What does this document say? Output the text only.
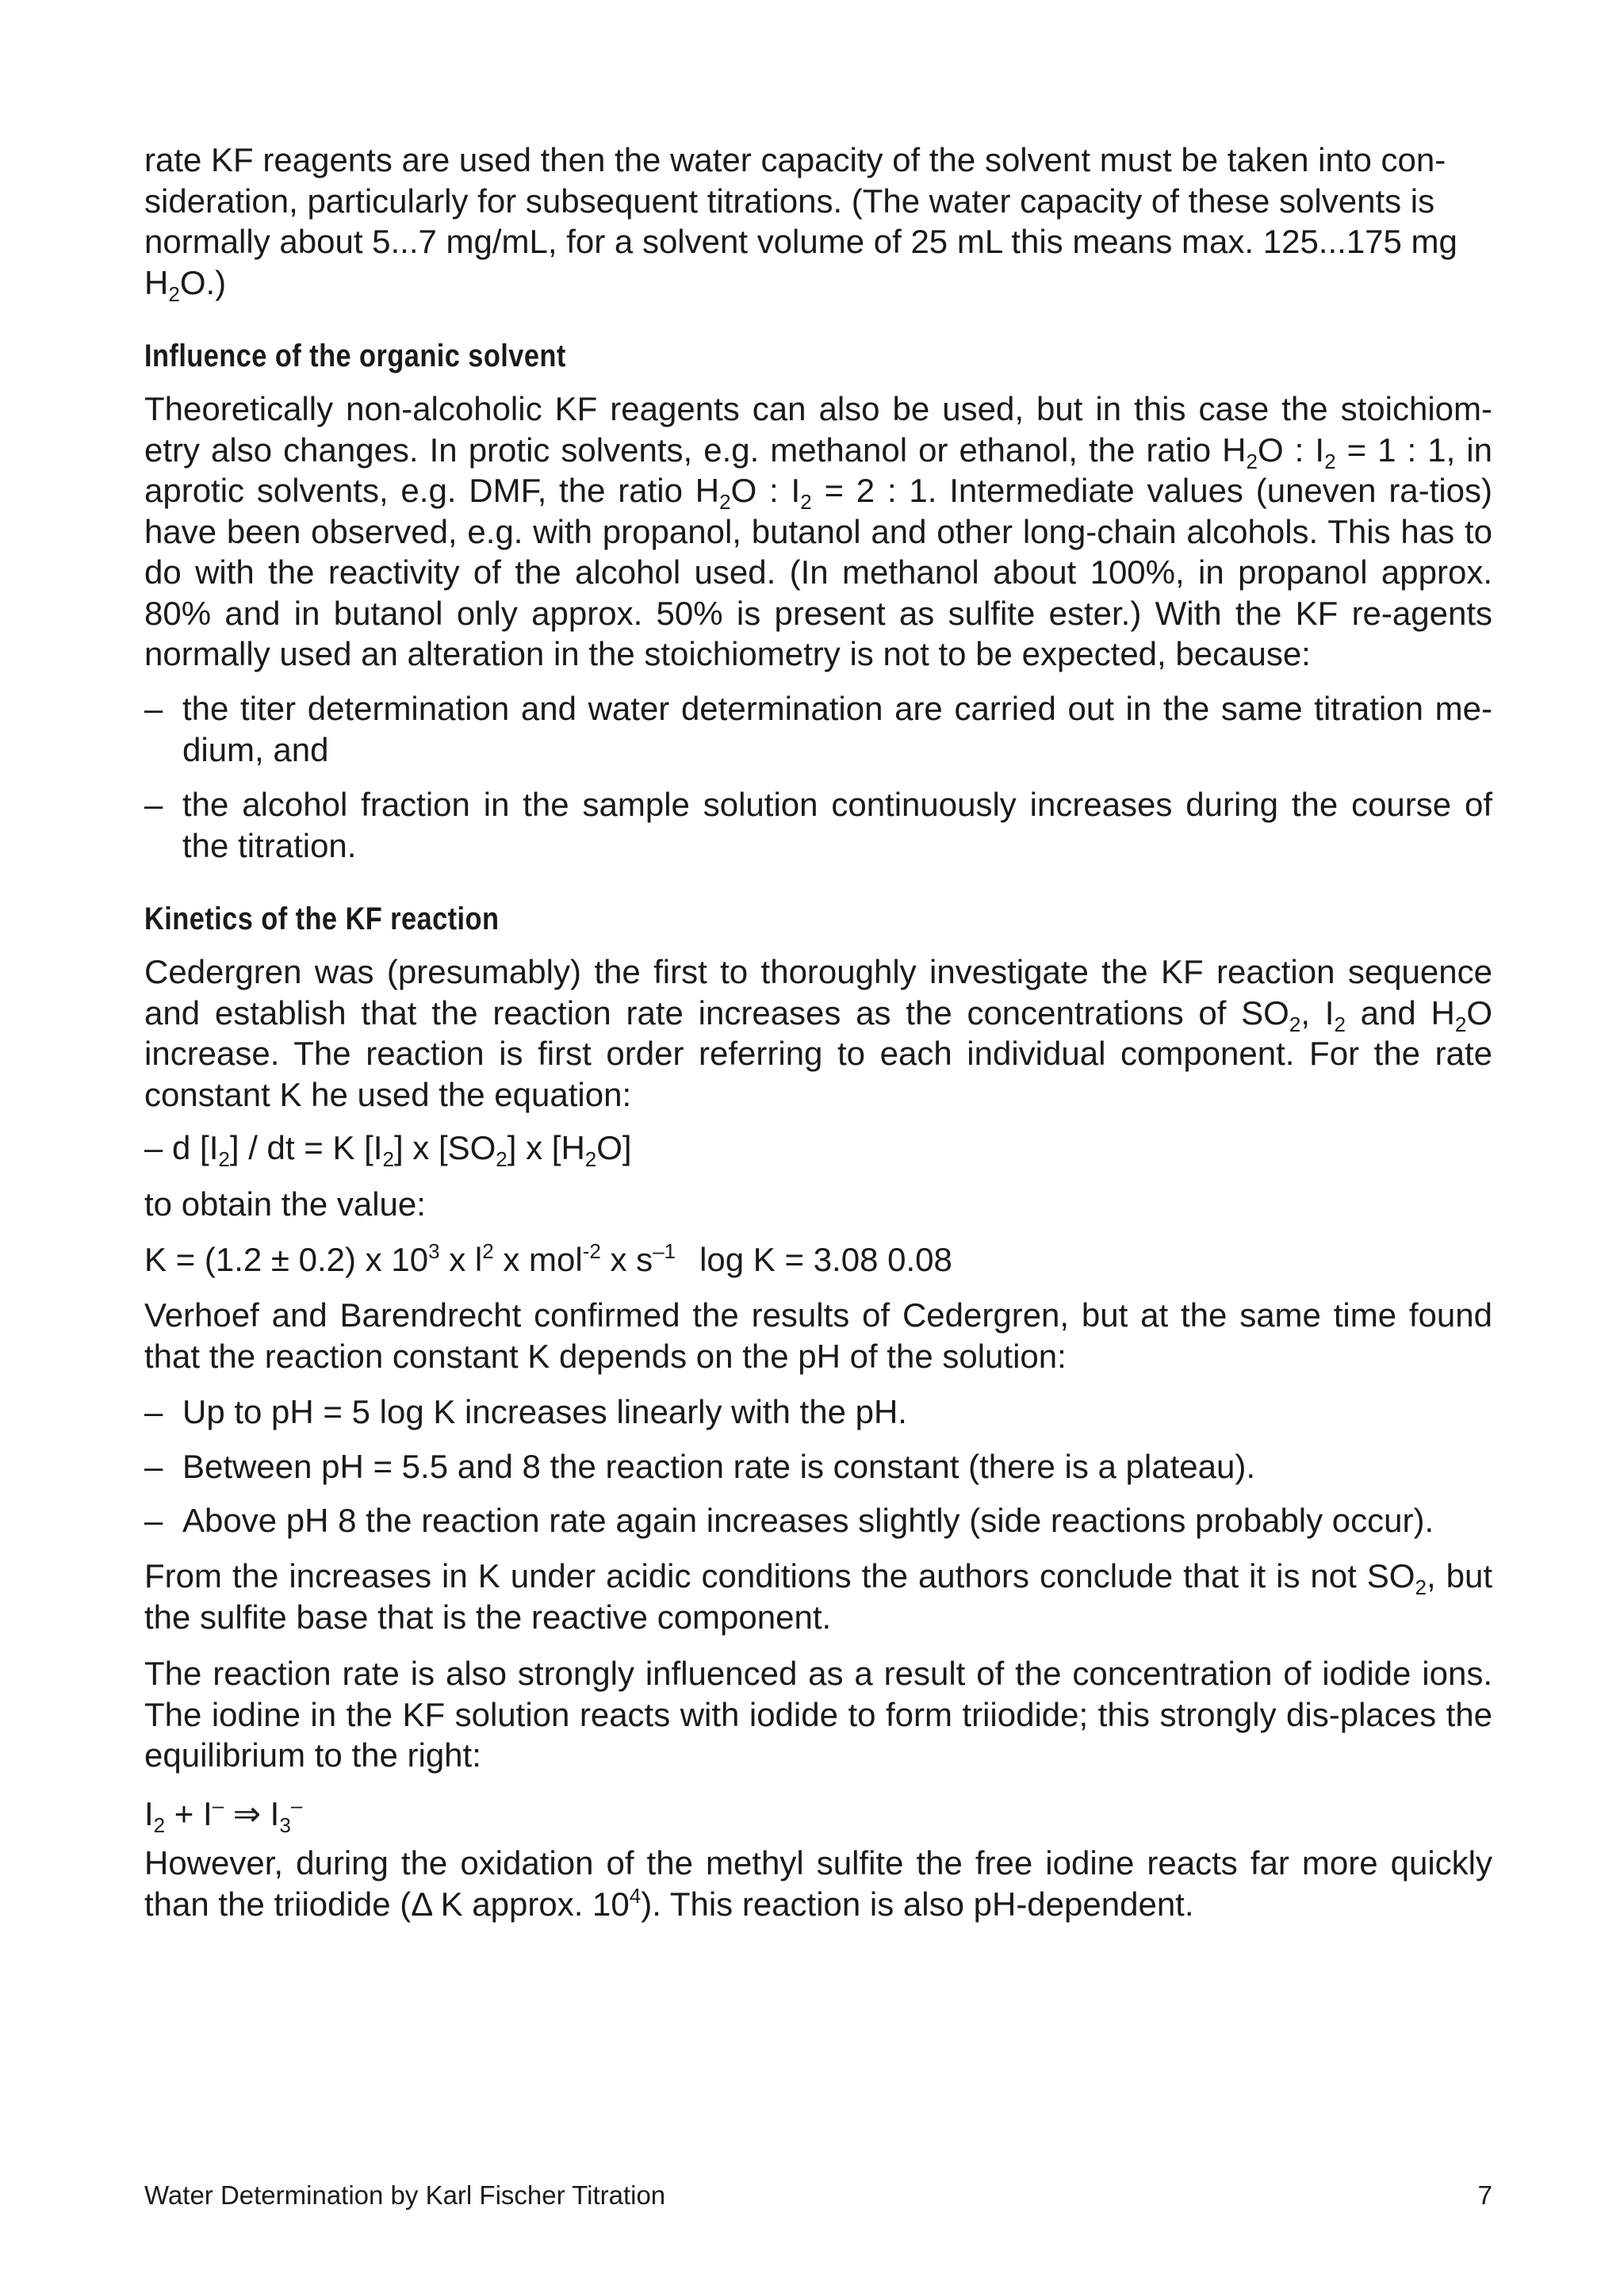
rate KF reagents are used then the water capacity of the solvent must be taken into con-

sideration, particularly for subsequent titrations. (The water capacity of these solvents is

normally about 5...7 mg/mL, for a solvent volume of 25 mL this means max. 125...175 mg

$H_2O$.)

Influence of the organic solvent

Theoretically non-alcoholic KF reagents can also be used, but in this case the stoichiom-etry also changes. In protic solvents, e.g. methanol or ethanol, the ratio $H_2O$ : $I_2 = 1$ : 1, in aprotic solvents, e.g. DMF, the ratio $H_2O$ : $I_2 = 2$ : 1. Intermediate values (uneven ra-tios) have been observed, e.g. with propanol, butanol and other long-chain alcohols. This has to do with the reactivity of the alcohol used. (In methanol about 100%, in propanol approx. 80% and in butanol only approx. 50% is present as sulfite ester.) With the KF re-agents normally used an alteration in the stoichiometry is not to be expected, because:

– the titer determination and water determination are carried out in the same titration me-dium, and
– the alcohol fraction in the sample solution continuously increases during the course of the titration.
Kinetics of the KF reaction

Cedergren was (presumably) the first to thoroughly investigate the KF reaction sequence and establish that the reaction rate increases as the concentrations of $SO_2$, $I_2$ and $H_2O$ increase. The reaction is first order referring to each individual component. For the rate constant K he used the equation:

– d $[I_2]$ / dt = K $[I_2]$ x $[SO_2]$ x $[H_2O]$

to obtain the value:

K = (1.2 ± 0.2) x $10^3$ x $l^2$ x mol$^{-2}$ x $s^{-1}$ log K = 3.08 0.08

Verhoef and Barendrecht confirmed the results of Cedergren, but at the same time found that the reaction constant K depends on the pH of the solution:

– Up to pH = 5 log K increases linearly with the pH.
– Between pH = 5.5 and 8 the reaction rate is constant (there is a plateau).
– Above pH 8 the reaction rate again increases slightly (side reactions probably occur).

From the increases in K under acidic conditions the authors conclude that it is not $SO_2$, but the sulfite base that is the reactive component.

The reaction rate is also strongly influenced as a result of the concentration of iodide ions. The iodine in the KF solution reacts with iodide to form triiodide; this strongly dis-places the equilibrium to the right:

$I_2 + I^-$ ⇒ $I_3^-$

However, during the oxidation of the methyl sulfite the free iodine reacts far more quickly than the triiodide (Δ K approx. $10^4$). This reaction is also pH-dependent.

Water Determination by Karl Fischer Titration	7
